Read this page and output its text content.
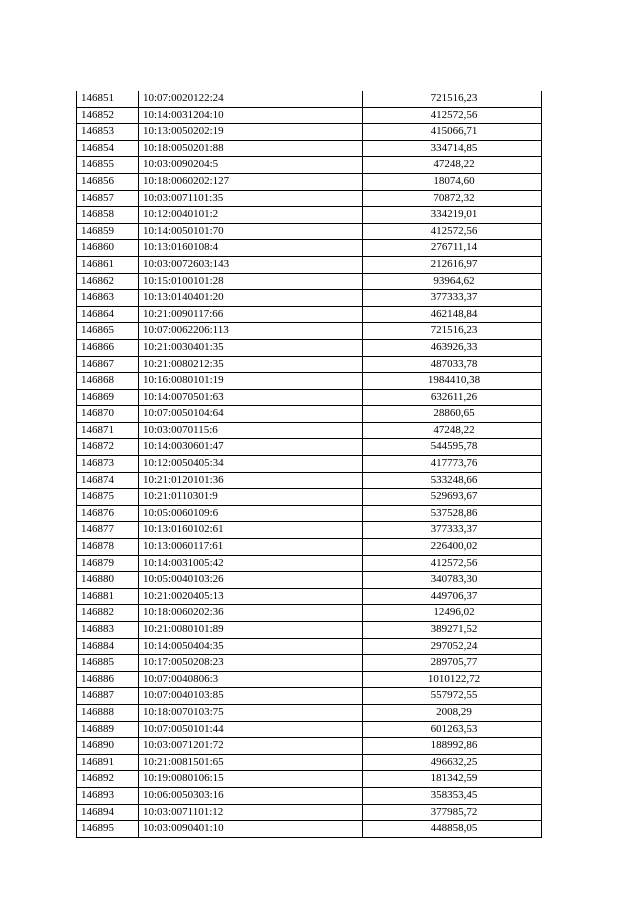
146851	10:07:0020122:24	721516,23
146852	10:14:0031204:10	412572,56
146853	10:13:0050202:19	415066,71
146854	10:18:0050201:88	334714,85
146855	10:03:0090204:5	47248,22
146856	10:18:0060202:127	18074,60
146857	10:03:0071101:35	70872,32
146858	10:12:0040101:2	334219,01
146859	10:14:0050101:70	412572,56
146860	10:13:0160108:4	276711,14
146861	10:03:0072603:143	212616,97
146862	10:15:0100101:28	93964,62
146863	10:13:0140401:20	377333,37
146864	10:21:0090117:66	462148,84
146865	10:07:0062206:113	721516,23
146866	10:21:0030401:35	463926,33
146867	10:21:0080212:35	487033,78
146868	10:16:0080101:19	1984410,38
146869	10:14:0070501:63	632611,26
146870	10:07:0050104:64	28860,65
146871	10:03:0070115:6	47248,22
146872	10:14:0030601:47	544595,78
146873	10:12:0050405:34	417773,76
146874	10:21:0120101:36	533248,66
146875	10:21:0110301:9	529693,67
146876	10:05:0060109:6	537528,86
146877	10:13:0160102:61	377333,37
146878	10:13:0060117:61	226400,02
146879	10:14:0031005:42	412572,56
146880	10:05:0040103:26	340783,30
146881	10:21:0020405:13	449706,37
146882	10:18:0060202:36	12496,02
146883	10:21:0080101:89	389271,52
146884	10:14:0050404:35	297052,24
146885	10:17:0050208:23	289705,77
146886	10:07:0040806:3	1010122,72
146887	10:07:0040103:85	557972,55
146888	10:18:0070103:75	2008,29
146889	10:07:0050101:44	601263,53
146890	10:03:0071201:72	188992,86
146891	10:21:0081501:65	496632,25
146892	10:19:0080106:15	181342,59
146893	10:06:0050303:16	358353,45
146894	10:03:0071101:12	377985,72
146895	10:03:0090401:10	448858,05
